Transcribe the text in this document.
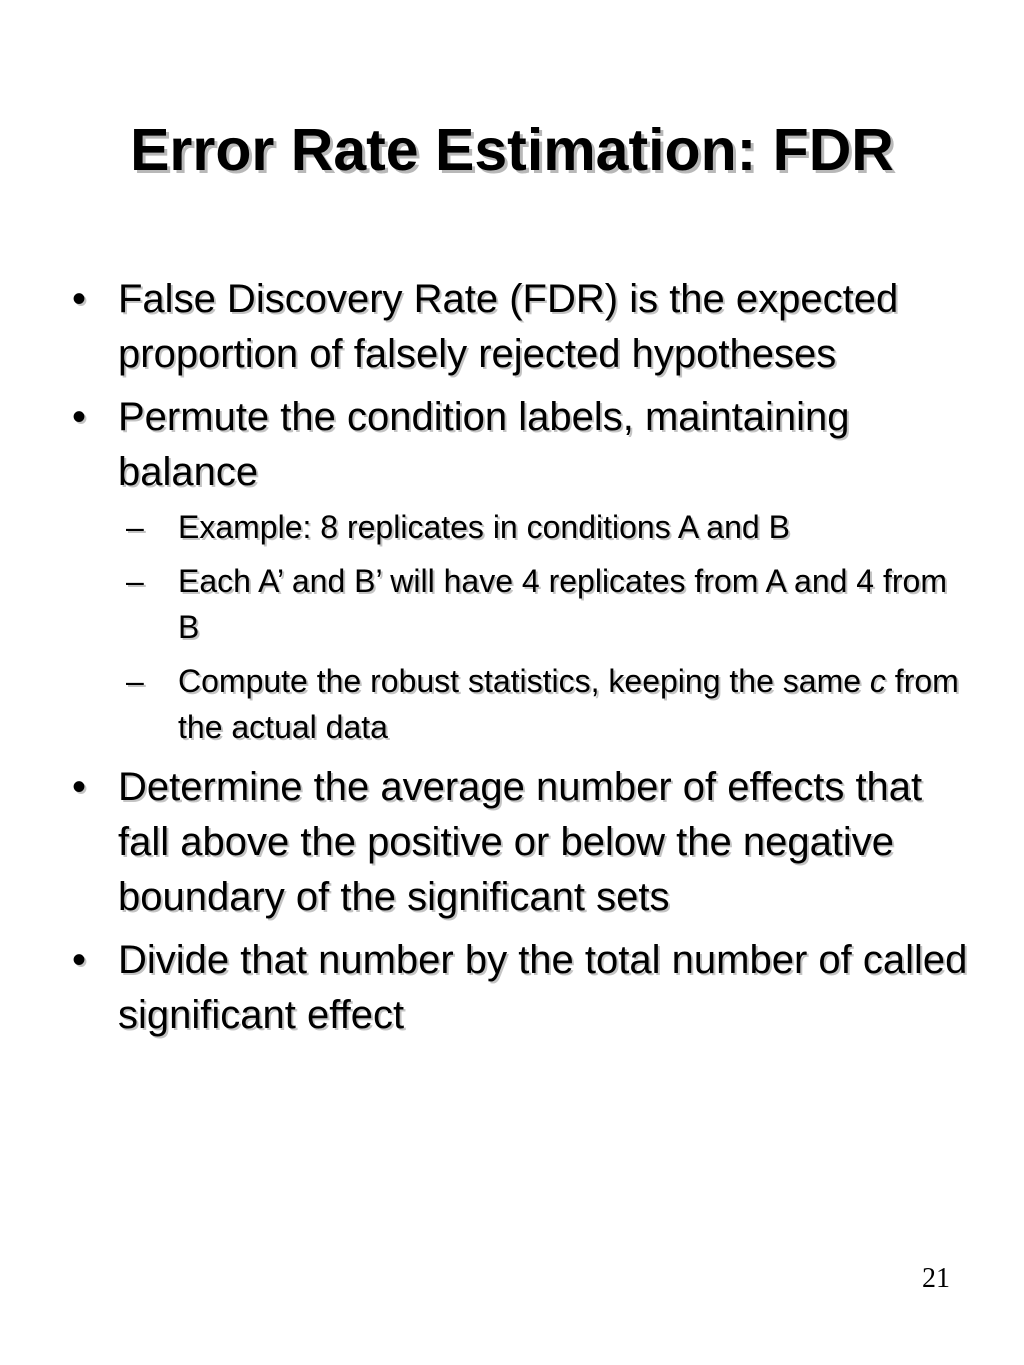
Error Rate Estimation: FDR
• False Discovery Rate (FDR) is the expected proportion of falsely rejected hypotheses
• Permute the condition labels, maintaining balance
– Example: 8 replicates in conditions A and B
– Each A’ and B’ will have 4 replicates from A and 4 from B
– Compute the robust statistics, keeping the same c from the actual data
• Determine the average number of effects that fall above the positive or below the negative boundary of the significant sets
• Divide that number by the total number of called significant effect
21
